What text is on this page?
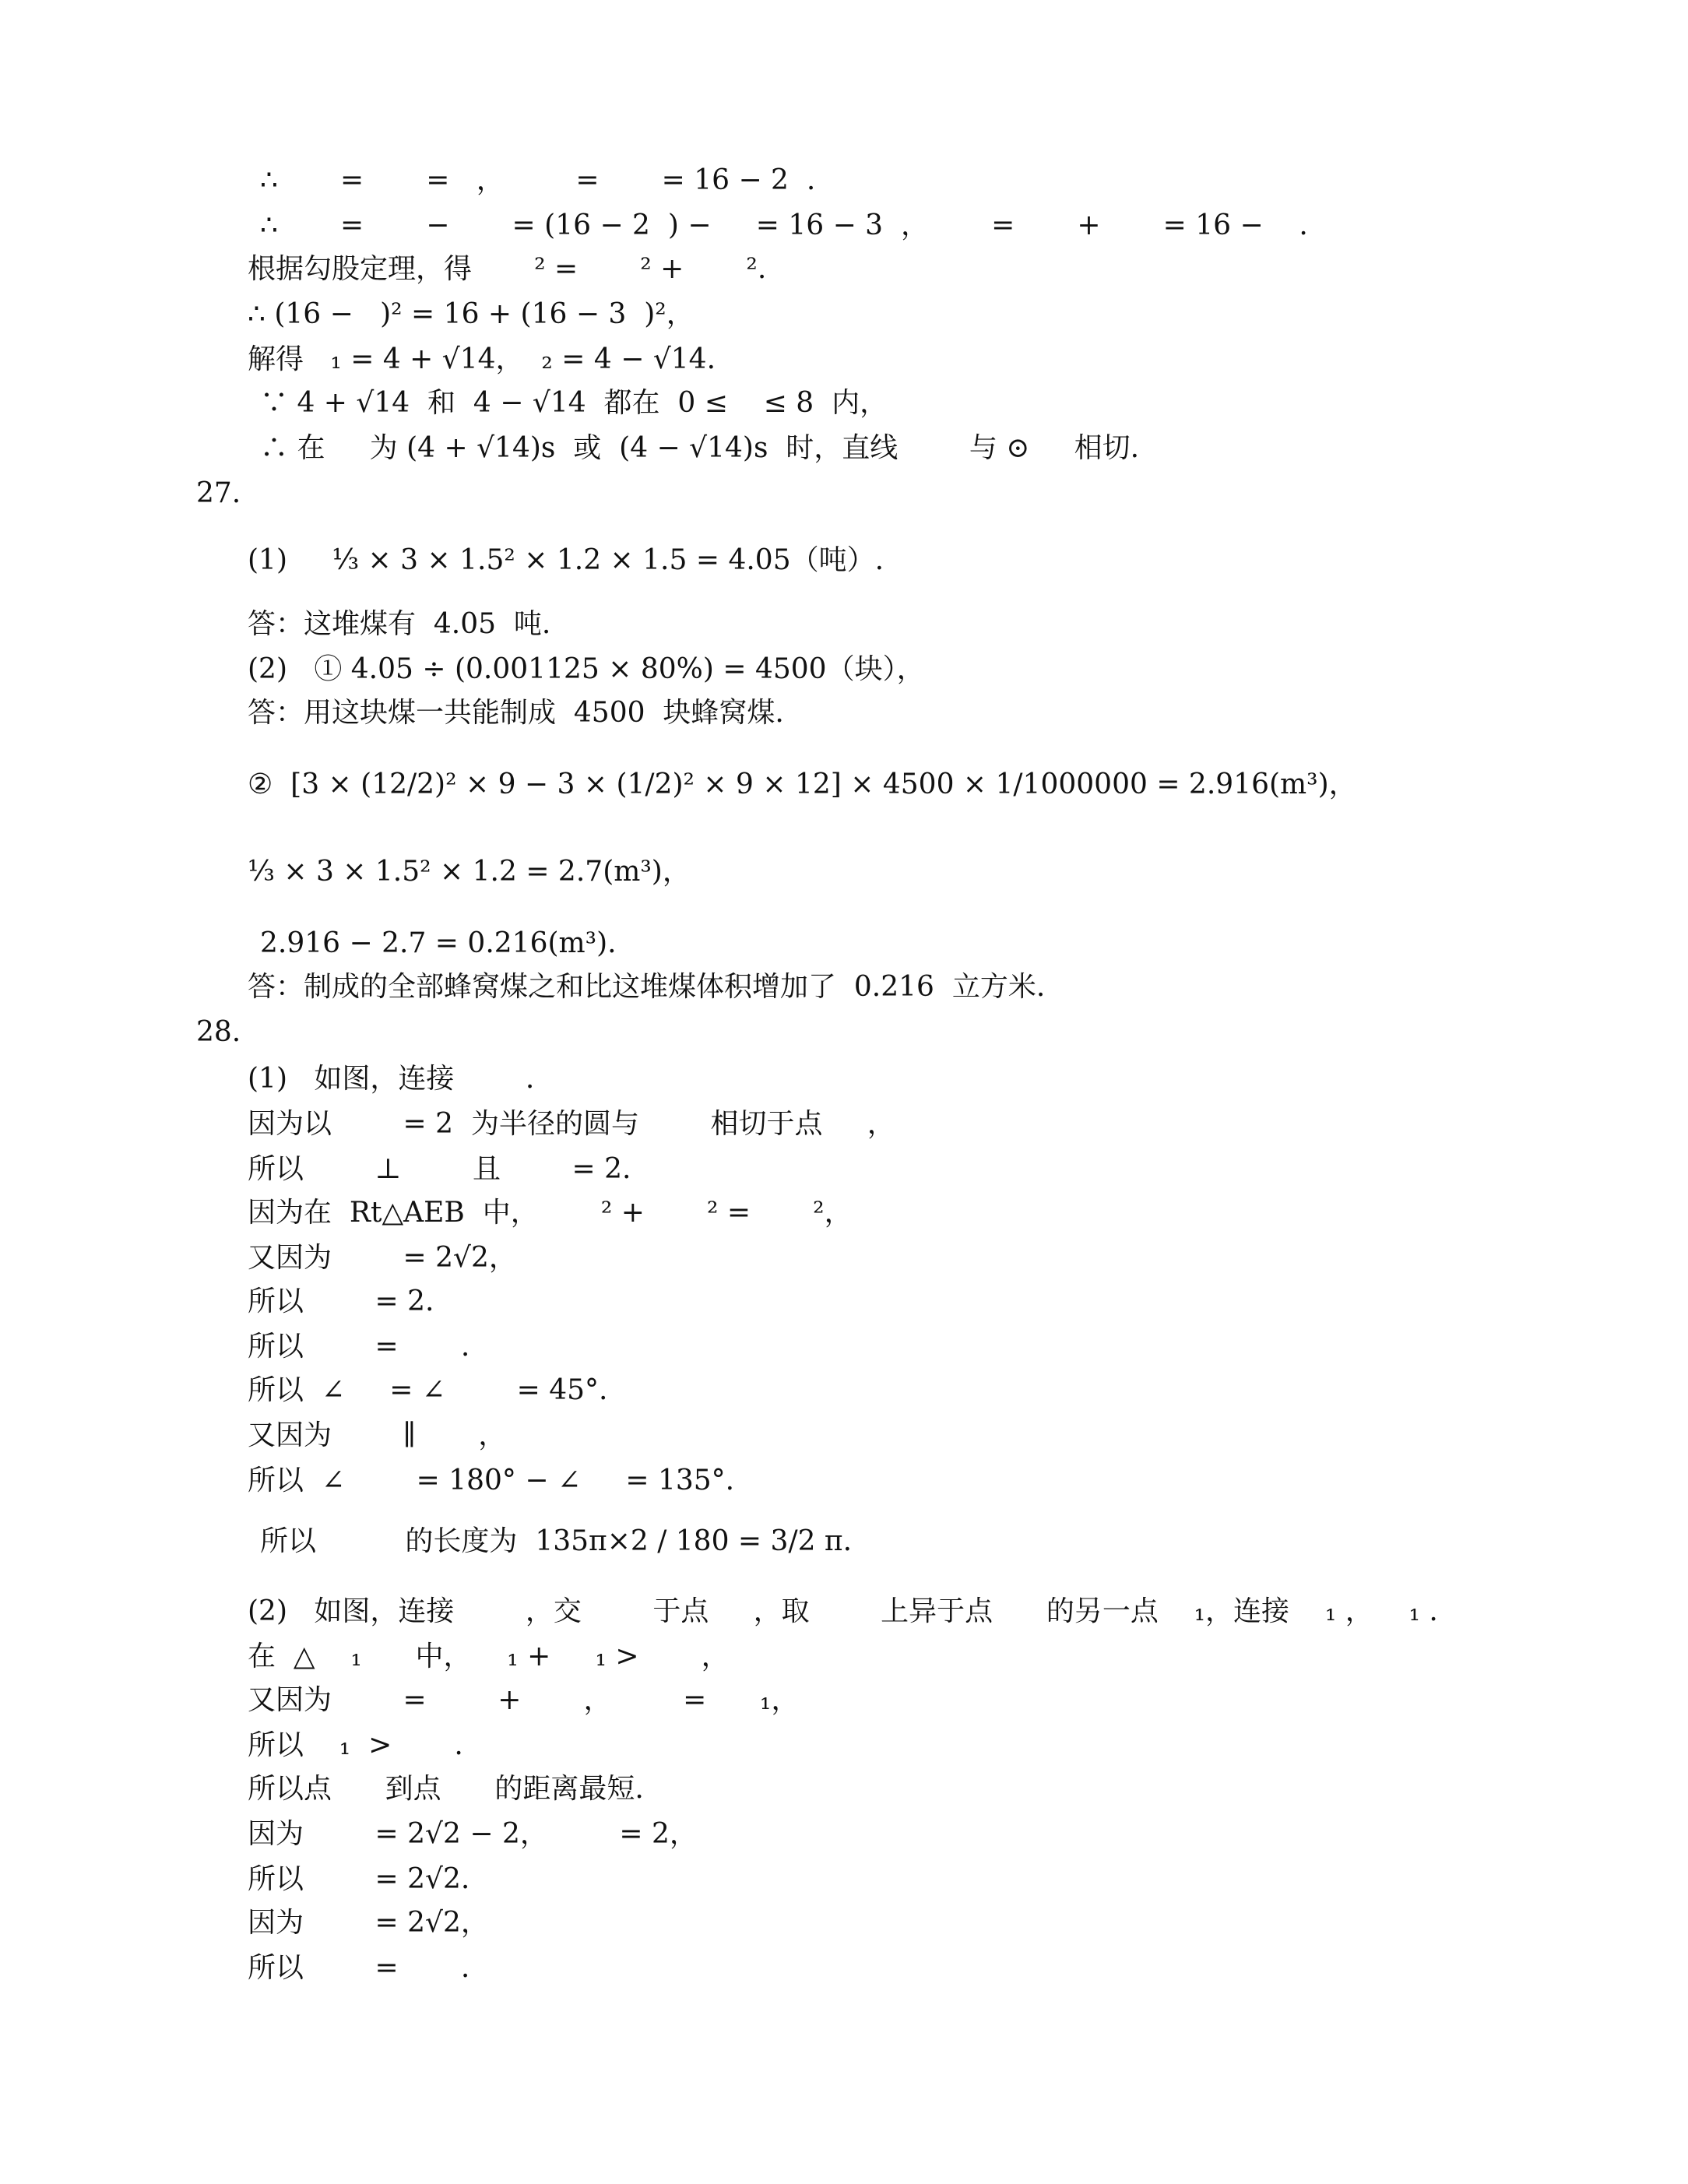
∴       =       =   ，        =       = 16 − 2  .
∴       =       −       = (16 − 2  ) −     = 16 − 3  ，       =       +       = 16 −    .
根据勾股定理，得       ² =       ² +       ².
∴ (16 −   )² = 16 + (16 − 3  )²，
解得   ₁ = 4 + √14，  ₂ = 4 − √14.
∵ 4 + √14  和  4 − √14  都在  0 ≤    ≤ 8  内，
∴ 在     为 (4 + √14)s  或  (4 − √14)s  时，直线        与 ⊙     相切.
27.
(1)     ⅓ × 3 × 1.5² × 1.2 × 1.5 = 4.05（吨）.
答：这堆煤有  4.05  吨.
(2)   ① 4.05 ÷ (0.001125 × 80%) = 4500（块），
答：用这块煤一共能制成  4500  块蜂窝煤.
②  [3 × (12/2)² × 9 − 3 × (1/2)² × 9 × 12] × 4500 × 1/1000000 = 2.916(m³)，
⅓ × 3 × 1.5² × 1.2 = 2.7(m³)，
2.916 − 2.7 = 0.216(m³).
答：制成的全部蜂窝煤之和比这堆煤体积增加了  0.216  立方米.
28.
(1)   如图，连接        .
因为以        = 2  为半径的圆与        相切于点     ，
所以        ⊥        且        = 2.
因为在  Rt△AEB  中，       ² +       ² =       ²，
又因为        = 2√2，
所以        = 2.
所以        =       .
所以  ∠     = ∠        = 45°.
又因为        ∥       ，
所以  ∠        = 180° − ∠     = 135°.
所以          的长度为  135π×2 / 180 = 3/2 π.
(2)   如图，连接        ，交        于点     ，取        上异于点      的另一点    ₁，连接    ₁ ，    ₁ .
在  △    ₁      中，    ₁ +     ₁ >       ，
又因为        =        +       ，        =      ₁，
所以    ₁  >       .
所以点      到点      的距离最短.
因为        = 2√2 − 2，        = 2，
所以        = 2√2.
因为        = 2√2，
所以        =       .
